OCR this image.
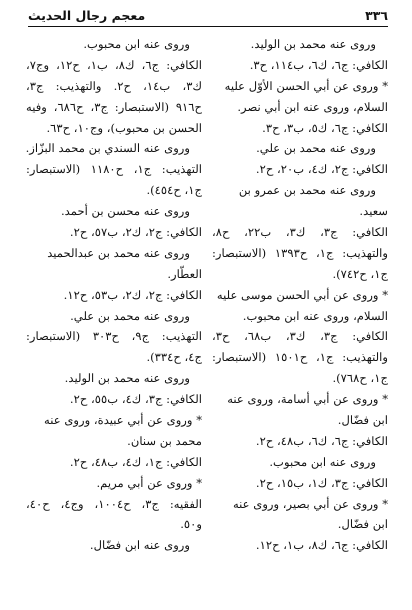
٣٣٦
معجم رجال الحديث
وروى عنه محمد بن الوليد.
الكافي: ج٦، ك٦، ب١١٤، ح٣.
* وروى عن أبي الحسن الأوّل عليه
السلام، وروى عنه ابن أبي نصر.
الكافي: ج٦، ك٥، ب٣، ح٣.
وروى عنه محمد بن علي.
الكافي: ج٢، ك٤، ب٢٠، ح٢.
وروى عنه محمد بن عمرو بن
سعيد.
الكافي: ج٣، ك٣، ب٢٢، ح٨،
والتهذيب: ج١، ح١٣٩٣ (الاستبصار:
ج١، ح٧٤٢).
* وروى عن أبي الحسن موسى عليه
السلام، وروى عنه ابن محبوب.
الكافي: ج٣، ك٣، ب٦٨، ح٣،
والتهذيب: ج١، ح١٥٠١ (الاستبصار:
ج١، ح٧٦٨).
* وروى عن أبي أسامة، وروى عنه
ابن فضّال.
الكافي: ج٦، ك٦، ب٤٨، ح٢.
وروى عنه ابن محبوب.
الكافي: ج٣، ك١، ب١٥، ح٢.
* وروى عن أبي بصير، وروى عنه
ابن فضّال.
الكافي: ج٦، ك٨، ب١، ح١٢.
وروى عنه ابن محبوب.
الكافي: ج٦، ك٨، ب١، ح١٢، وج٧،
ك٣، ب١٤، ح٢. والتهذيب: ج٣،
ح٩١٦ (الاستبصار: ج٣، ح٦٨٦، وفيه
الحسن بن محبوب)، وج١٠، ح٦٣.
وروى عنه السندي بن محمد البزّاز.
التهذيب: ج١، ح١١٨٠ (الاستبصار:
ج١، ح٤٥٤).
وروى عنه محسن بن أحمد.
الكافي: ج٢، ك٢، ب٥٧، ح٢.
وروى عنه محمد بن عبدالحميد
العطّار.
الكافي: ج٢، ك٢، ب٥٣، ح١٢.
وروى عنه محمد بن علي.
التهذيب: ج٩، ح٣٠٣ (الاستبصار:
ج٤، ح٣٣٤).
وروى عنه محمد بن الوليد.
الكافي: ج٣، ك٤، ب٥٥، ح٢.
* وروى عن أبي عبيدة، وروى عنه
محمد بن سنان.
الكافي: ج١، ك٤، ب٤٨، ح٢.
* وروى عن أبي مريم.
الفقيه: ج٣، ح١٠٠٤، وج٤، ح٤٠،
و٥٠.
وروى عنه ابن فضّال.
